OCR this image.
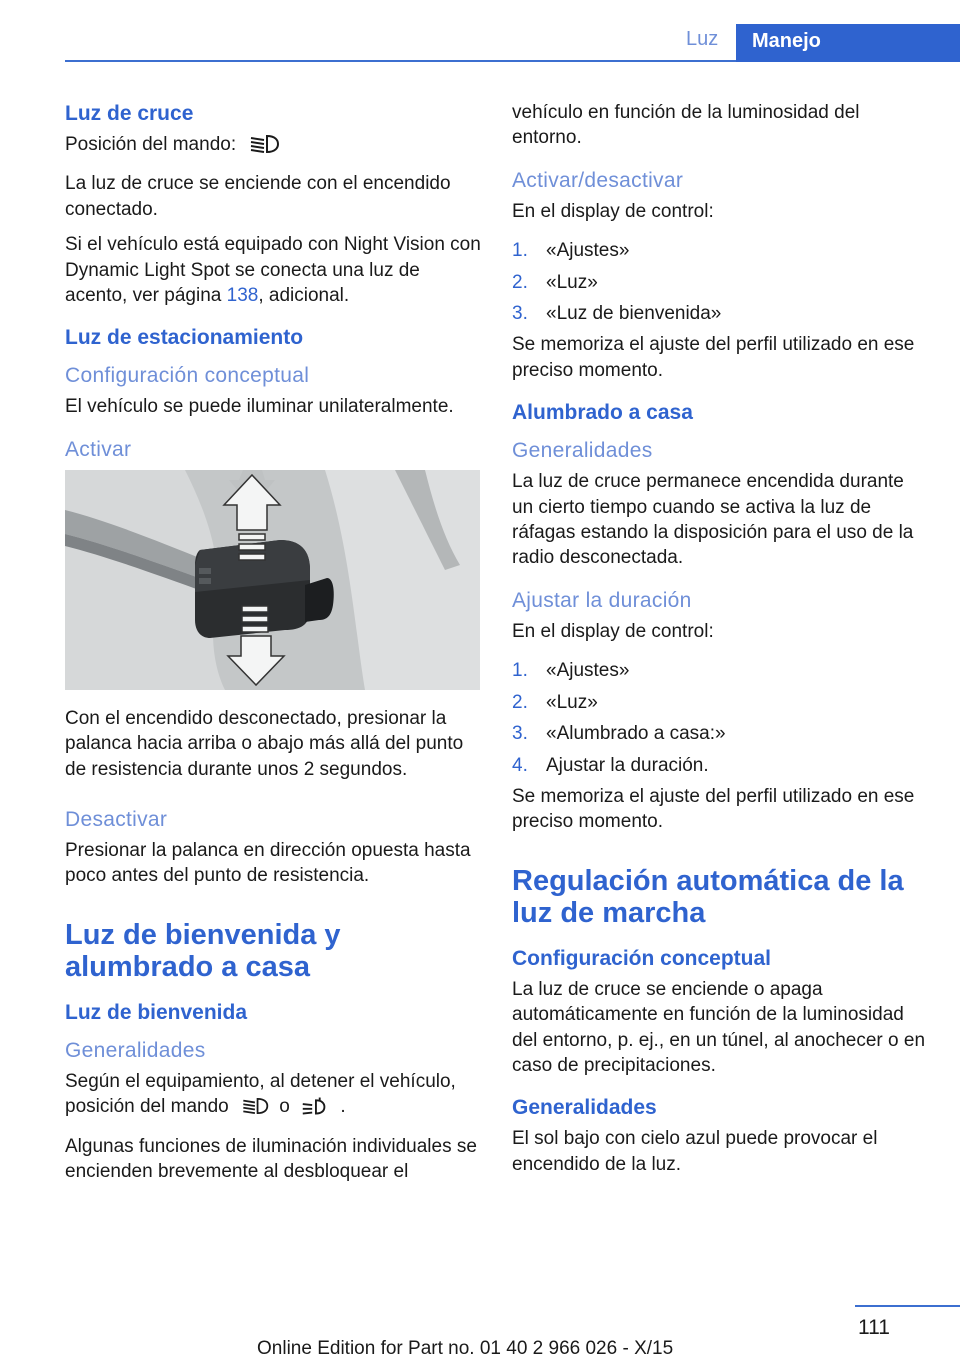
Luz	Manejo
Luz de cruce

Posición del mando:

La luz de cruce se enciende con el encendido conectado.

Si el vehículo está equipado con Night Vision con Dynamic Light Spot se conecta una luz de acento, ver página 138, adicional.

Luz de estacionamiento
Configuración conceptual

El vehículo se puede iluminar unilateralmente.

Activar

Con el encendido desconectado, presionar la palanca hacia arriba o abajo más allá del punto de resistencia durante unos 2 segundos.

Desactivar

Presionar la palanca en dirección opuesta hasta poco antes del punto de resistencia.

Luz de bienvenida y alumbrado a casa
Luz de bienvenida
Generalidades

Según el equipamiento, al detener el vehículo, posición del mando	o	.

Algunas funciones de iluminación individuales se encienden brevemente al desbloquear el

vehículo en función de la luminosidad del entorno.

Activar/desactivar

En el display de control:

1. «Ajustes»
2. «Luz»
3. «Luz de bienvenida»

Se memoriza el ajuste del perfil utilizado en ese preciso momento.

Alumbrado a casa
Generalidades

La luz de cruce permanece encendida durante un cierto tiempo cuando se activa la luz de ráfagas estando la disposición para el uso de la radio desconectada.

Ajustar la duración

En el display de control:

1. «Ajustes»
2. «Luz»
3. «Alumbrado a casa:»
4. Ajustar la duración.

Se memoriza el ajuste del perfil utilizado en ese preciso momento.

Regulación automática de la luz de marcha
Configuración conceptual

La luz de cruce se enciende o apaga automáticamente en función de la luminosidad del entorno, p. ej., en un túnel, al anochecer o en caso de precipitaciones.

Generalidades

El sol bajo con cielo azul puede provocar el encendido de la luz.

111
Online Edition for Part no. 01 40 2 966 026 - X/15
